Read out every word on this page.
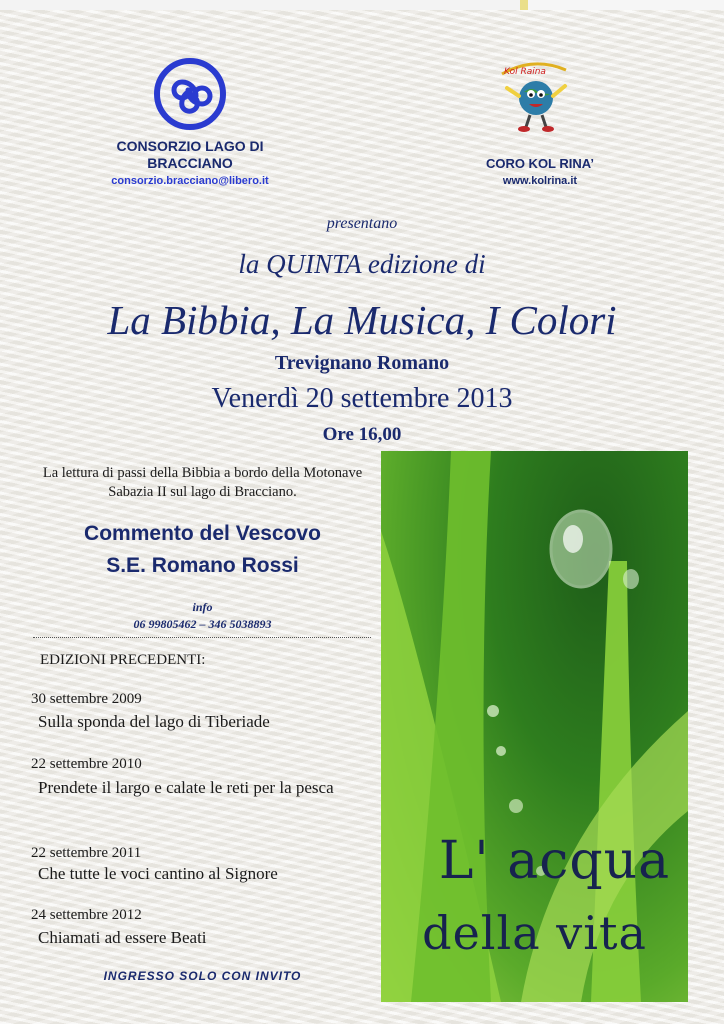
CONSORZIO LAGO DI BRACCIANO
consorzio.bracciano@libero.it
Kol Raina
CORO KOL RINA’
www.kolrina.it
presentano
la QUINTA edizione di
La Bibbia, La Musica, I Colori
Trevignano Romano
Venerdì 20 settembre 2013
Ore 16,00
La lettura di passi della Bibbia a bordo della Motonave Sabazia II sul lago di Bracciano.
Commento del Vescovo
S.E. Romano Rossi
info
06 99805462 – 346 5038893
EDIZIONI PRECEDENTI:
30 settembre 2009
Sulla sponda del lago di Tiberiade
22 settembre 2010
Prendete il largo e calate le reti per la pesca
22 settembre 2011
Che tutte le voci cantino al Signore
24 settembre 2012
Chiamati ad essere Beati
INGRESSO SOLO CON INVITO
L' acqua
della vita
